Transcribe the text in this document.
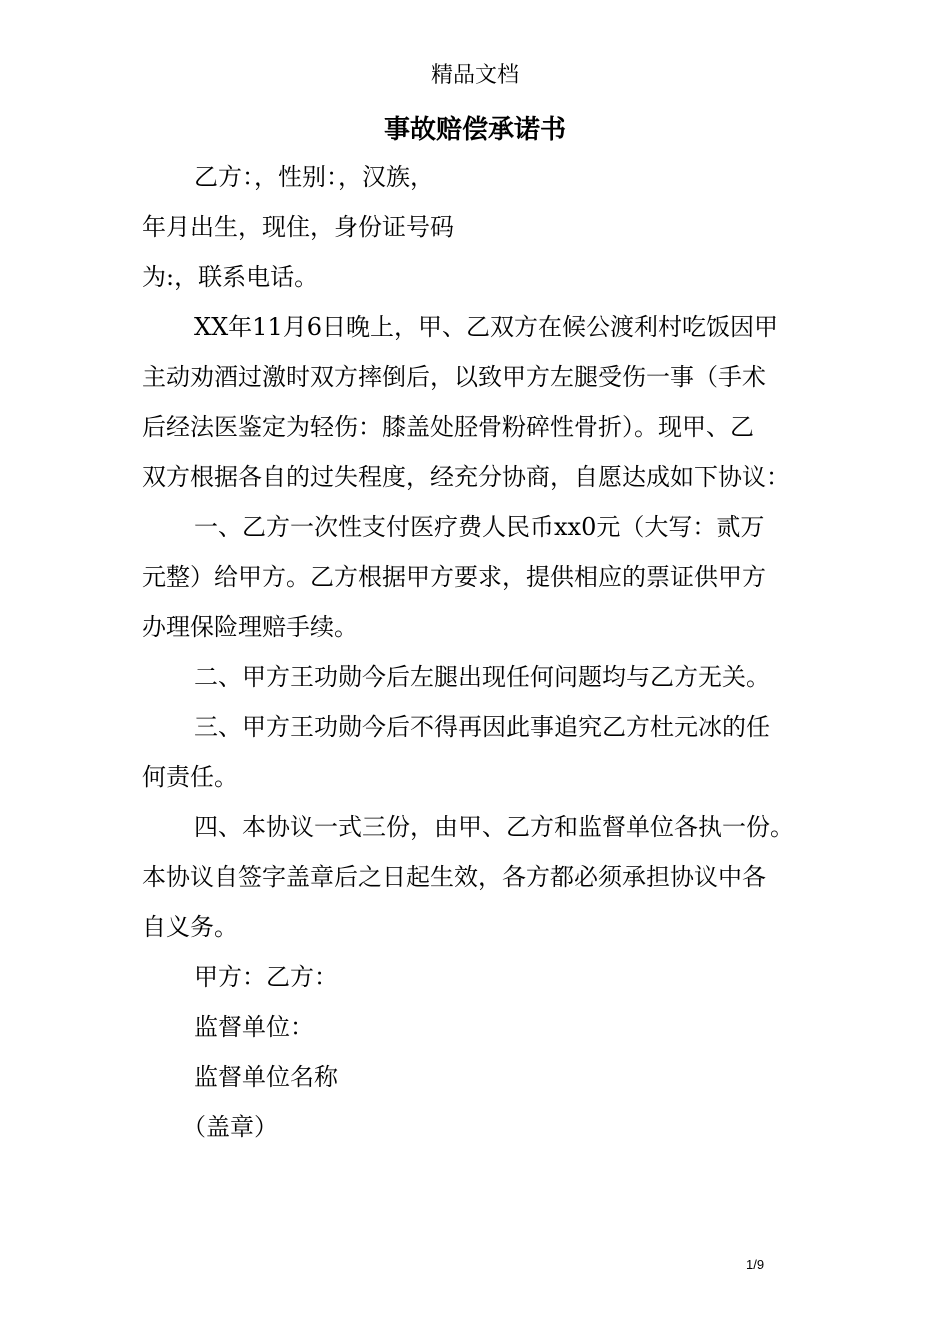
精品文档
事故赔偿承诺书

乙方：，性别：，汉族，

年月出生，现住，身份证号码

为:，联系电话。

XX年11月6日晚上，甲、乙双方在候公渡利村吃饭因甲

主动劝酒过激时双方摔倒后，以致甲方左腿受伤一事（手术

后经法医鉴定为轻伤：膝盖处胫骨粉碎性骨折）。现甲、乙

双方根据各自的过失程度，经充分协商，自愿达成如下协议：

一、乙方一次性支付医疗费人民币xx0元（大写：贰万

元整）给甲方。乙方根据甲方要求，提供相应的票证供甲方

办理保险理赔手续。

二、甲方王功勋今后左腿出现任何问题均与乙方无关。

三、甲方王功勋今后不得再因此事追究乙方杜元冰的任

何责任。

四、本协议一式三份，由甲、乙方和监督单位各执一份。

本协议自签字盖章后之日起生效，各方都必须承担协议中各

自义务。

甲方：乙方：

监督单位：

监督单位名称

（盖章）

1/9
